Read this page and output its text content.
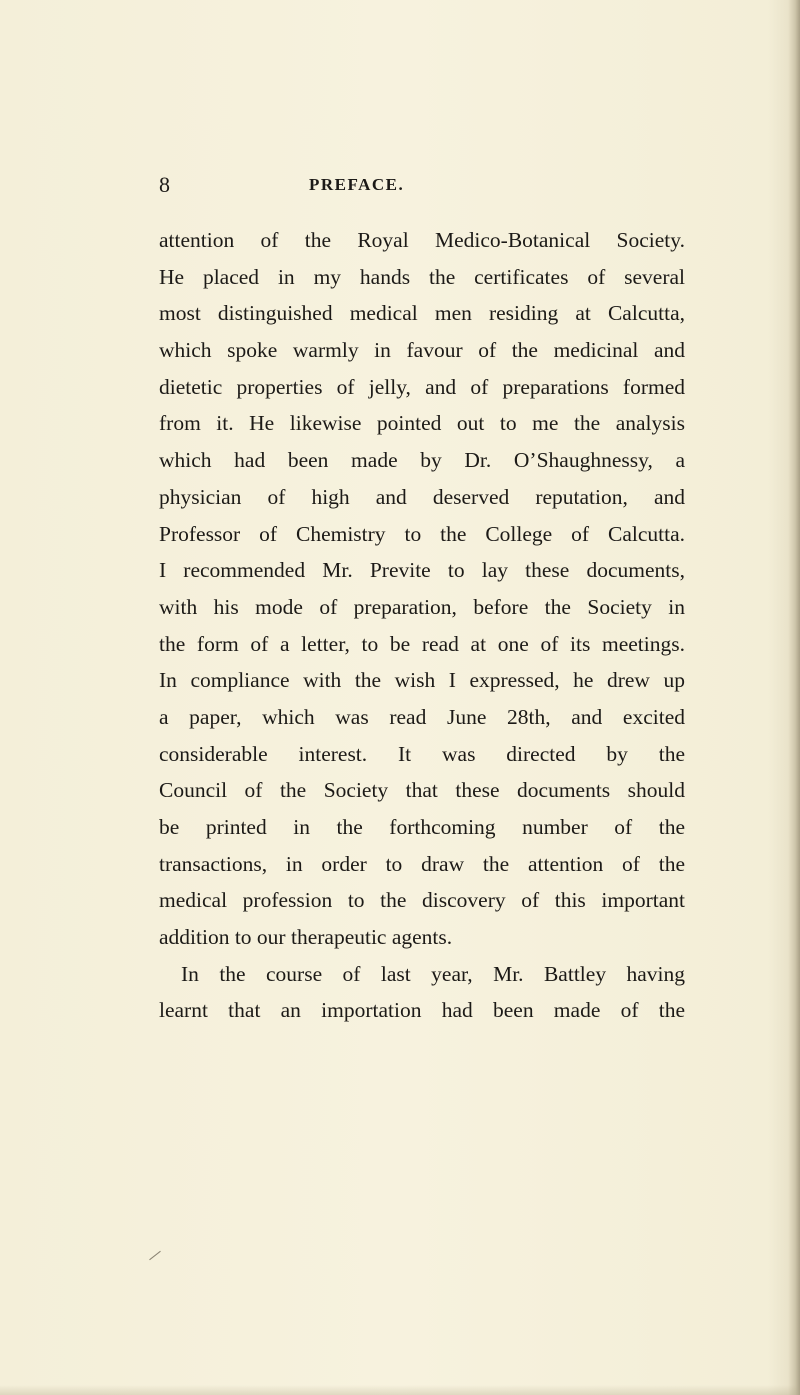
8	PREFACE.
attention of the Royal Medico-Botanical Society.
He placed in my hands the certificates of several
most distinguished medical men residing at Calcutta,
which spoke warmly in favour of the medicinal and
dietetic properties of jelly, and of preparations formed
from it. He likewise pointed out to me the analysis
which had been made by Dr. O’Shaughnessy, a
physician of high and deserved reputation, and
Professor of Chemistry to the College of Calcutta.
I recommended Mr. Previte to lay these documents,
with his mode of preparation, before the Society in
the form of a letter, to be read at one of its meetings.
In compliance with the wish I expressed, he drew up
a paper, which was read June 28th, and excited
considerable interest. It was directed by the
Council of the Society that these documents should
be printed in the forthcoming number of the
transactions, in order to draw the attention of the
medical profession to the discovery of this important
addition to our therapeutic agents.
In the course of last year, Mr. Battley having
learnt that an importation had been made of the
